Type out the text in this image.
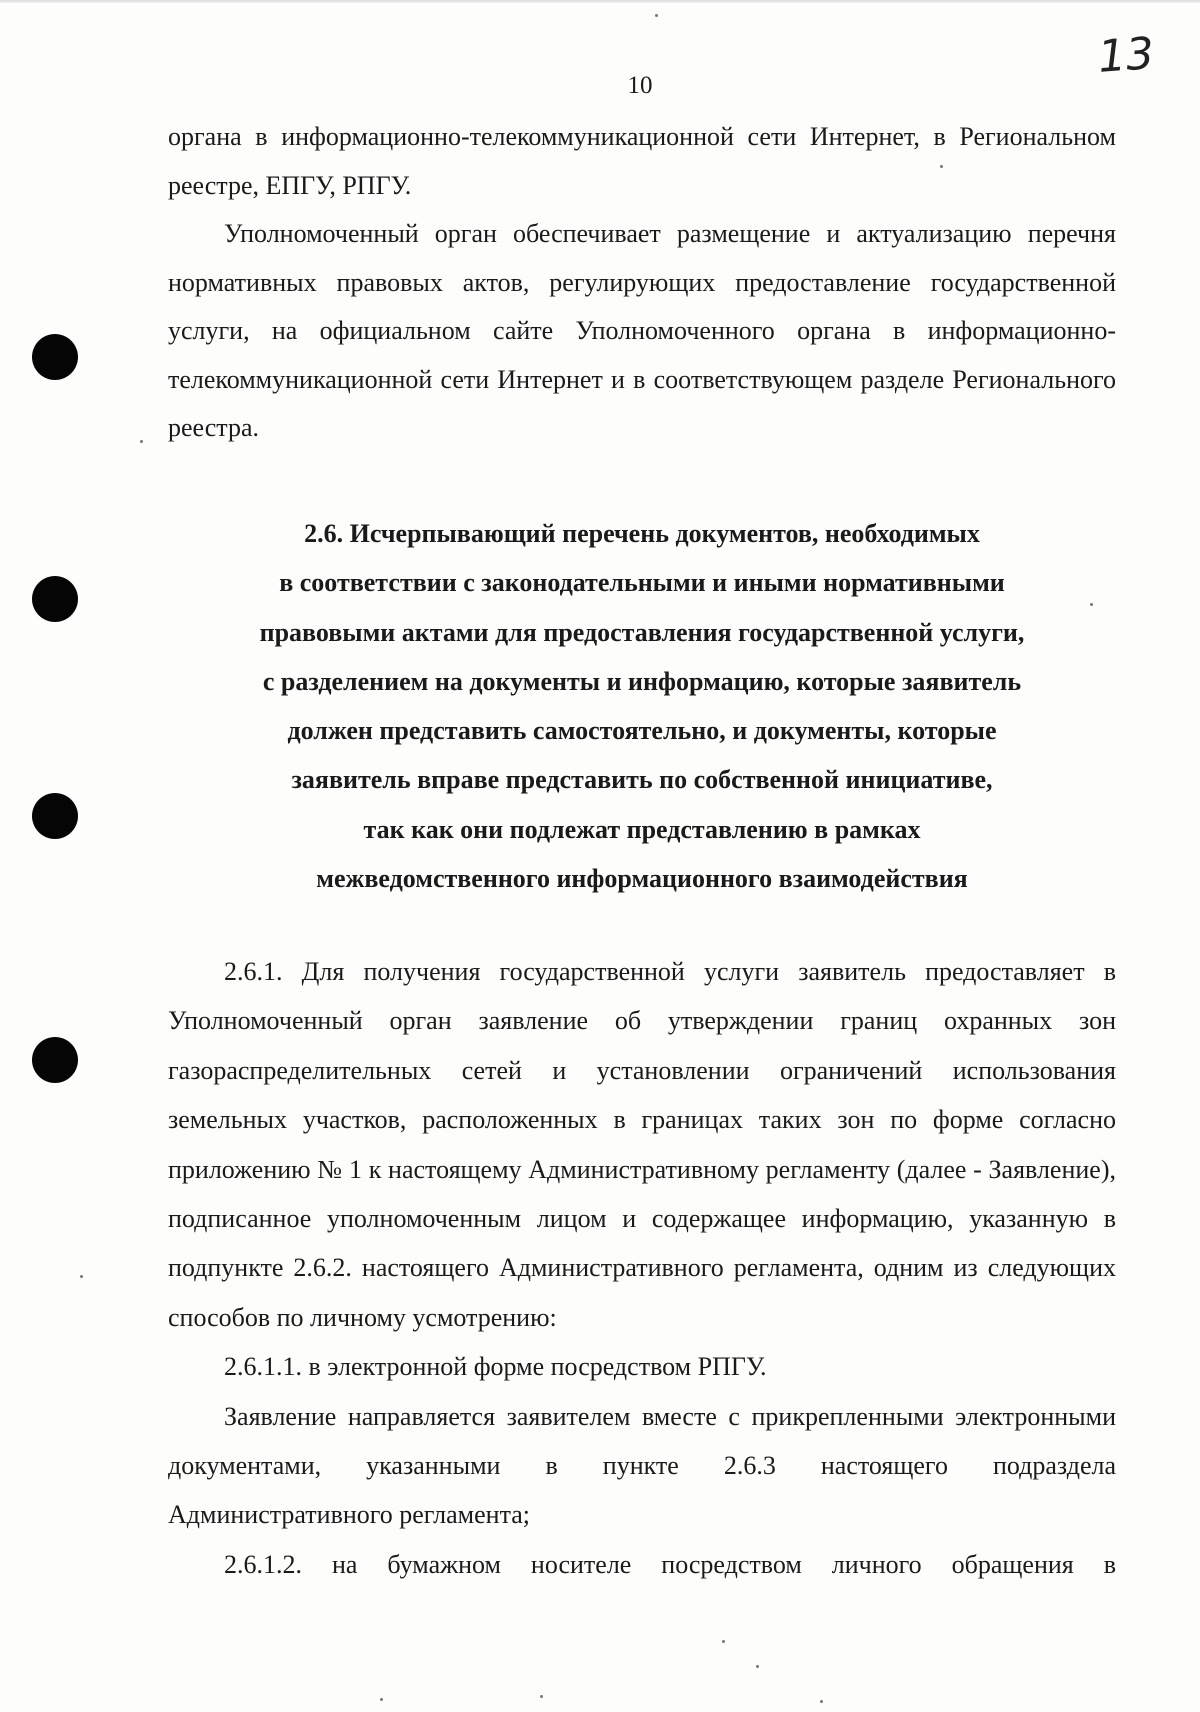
13
10

органа в информационно-телекоммуникационной сети Интернет, в Региональном реестре, ЕПГУ, РПГУ.

Уполномоченный орган обеспечивает размещение и актуализацию перечня нормативных правовых актов, регулирующих предоставление государственной услуги, на официальном сайте Уполномоченного органа в информационно-телекоммуникационной сети Интернет и в соответствующем разделе Регионального реестра.

2.6. Исчерпывающий перечень документов, необходимых
в соответствии с законодательными и иными нормативными
правовыми актами для предоставления государственной услуги,
с разделением на документы и информацию, которые заявитель
должен представить самостоятельно, и документы, которые
заявитель вправе представить по собственной инициативе,
так как они подлежат представлению в рамках
межведомственного информационного взаимодействия

2.6.1. Для получения государственной услуги заявитель предоставляет в Уполномоченный орган заявление об утверждении границ охранных зон газораспределительных сетей и установлении ограничений использования земельных участков, расположенных в границах таких зон по форме согласно приложению № 1 к настоящему Административному регламенту (далее - Заявление), подписанное уполномоченным лицом и содержащее информацию, указанную в подпункте 2.6.2. настоящего Административного регламента, одним из следующих способов по личному усмотрению:

2.6.1.1. в электронной форме посредством РПГУ.

Заявление направляется заявителем вместе с прикрепленными электронными документами, указанными в пункте 2.6.3 настоящего подраздела Административного регламента;

2.6.1.2. на бумажном носителе посредством личного обращения в
